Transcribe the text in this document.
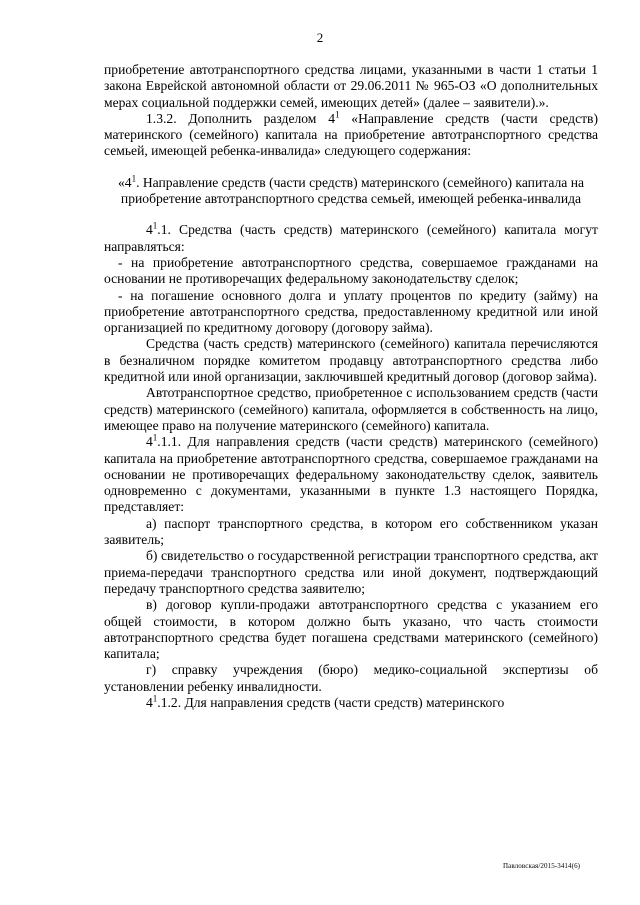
2

приобретение автотранспортного средства лицами, указанными в части 1 статьи 1 закона Еврейской автономной области от 29.06.2011 № 965-ОЗ «О дополнительных мерах социальной поддержки семей, имеющих детей» (далее – заявители).».

1.3.2. Дополнить разделом $4^1$ «Направление средств (части средств) материнского (семейного) капитала на приобретение автотранспортного средства семьей, имеющей ребенка-инвалида» следующего содержания:

«$4^1$. Направление средств (части средств) материнского (семейного) капитала на приобретение автотранспортного средства семьей, имеющей ребенка-инвалида

$4^1.1$. Средства (часть средств) материнского (семейного) капитала могут направляться:

- на приобретение автотранспортного средства, совершаемое гражданами на основании не противоречащих федеральному законодательству сделок;

- на погашение основного долга и уплату процентов по кредиту (займу) на приобретение автотранспортного средства, предоставленному кредитной или иной организацией по кредитному договору (договору займа).

Средства (часть средств) материнского (семейного) капитала перечисляются в безналичном порядке комитетом продавцу автотранспортного средства либо кредитной или иной организации, заключившей кредитный договор (договор займа).

Автотранспортное средство, приобретенное с использованием средств (части средств) материнского (семейного) капитала, оформляется в собственность на лицо, имеющее право на получение материнского (семейного) капитала.

$4^1.1.1$. Для направления средств (части средств) материнского (семейного) капитала на приобретение автотранспортного средства, совершаемое гражданами на основании не противоречащих федеральному законодательству сделок, заявитель одновременно с документами, указанными в пункте 1.3 настоящего Порядка, представляет:

а) паспорт транспортного средства, в котором его собственником указан заявитель;

б) свидетельство о государственной регистрации транспортного средства, акт приема-передачи транспортного средства или иной документ, подтверждающий передачу транспортного средства заявителю;

в) договор купли-продажи автотранспортного средства с указанием его общей стоимости, в котором должно быть указано, что часть стоимости автотранспортного средства будет погашена средствами материнского (семейного) капитала;

г) справку учреждения (бюро) медико-социальной экспертизы об установлении ребенку инвалидности.

$4^1.1.2$. Для направления средств (части средств) материнского

Павловская/2015-3414(6)
